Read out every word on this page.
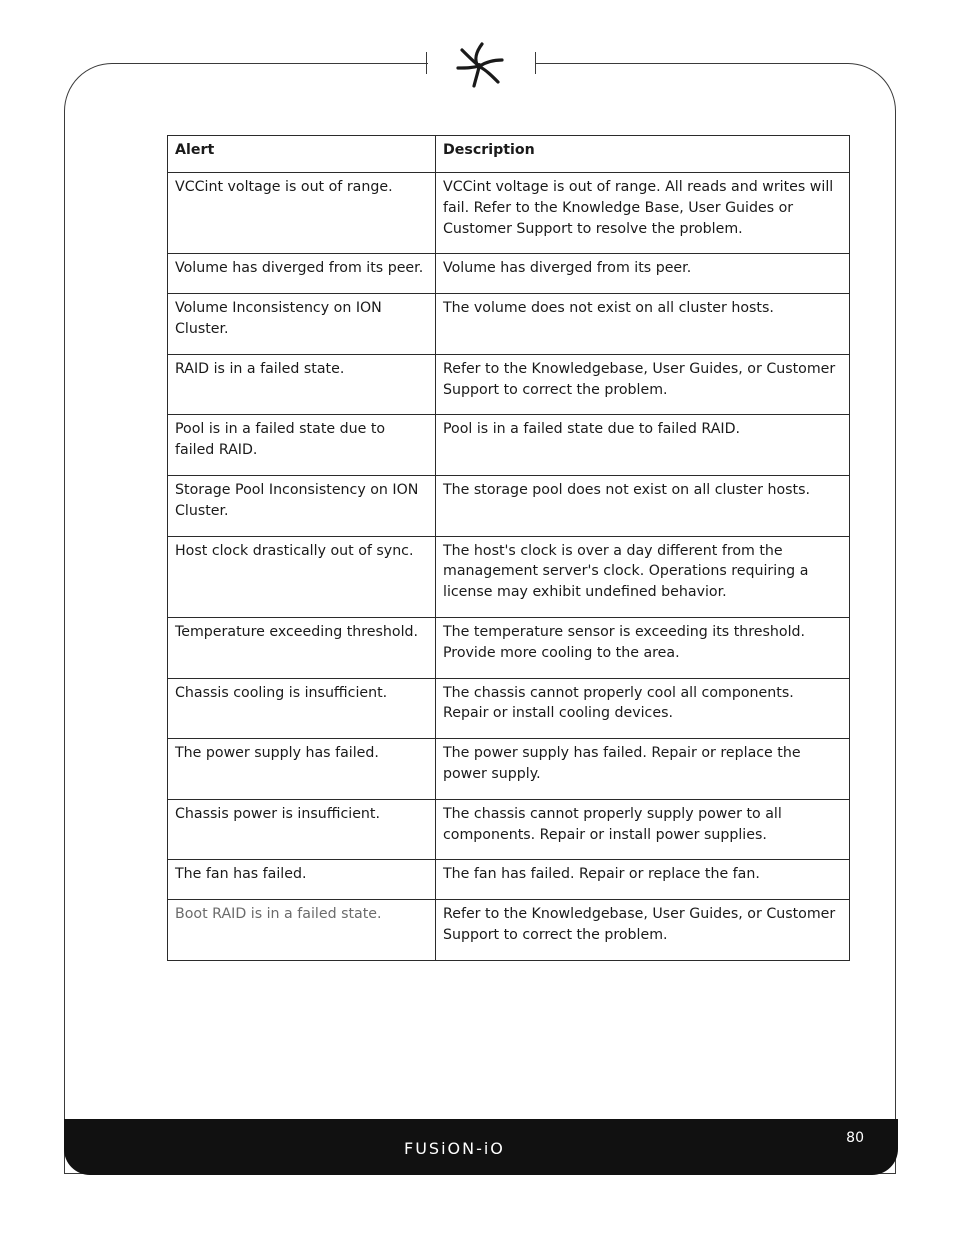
Alert	Description
VCCint voltage is out of range.	VCCint voltage is out of range. All reads and writes will fail. Refer to the Knowledge Base, User Guides or Customer Support to resolve the problem.
Volume has diverged from its peer.	Volume has diverged from its peer.
Volume Inconsistency on ION Cluster.	The volume does not exist on all cluster hosts.
RAID is in a failed state.	Refer to the Knowledgebase, User Guides, or Customer Support to correct the problem.
Pool is in a failed state due to failed RAID.	Pool is in a failed state due to failed RAID.
Storage Pool Inconsistency on ION Cluster.	The storage pool does not exist on all cluster hosts.
Host clock drastically out of sync.	The host's clock is over a day different from the management server's clock. Operations requiring a license may exhibit undefined behavior.
Temperature exceeding threshold.	The temperature sensor is exceeding its threshold. Provide more cooling to the area.
Chassis cooling is insufficient.	The chassis cannot properly cool all components. Repair or install cooling devices.
The power supply has failed.	The power supply has failed. Repair or replace the power supply.
Chassis power is insufficient.	The chassis cannot properly supply power to all components. Repair or install power supplies.
The fan has failed.	The fan has failed. Repair or replace the fan.
Boot RAID is in a failed state.	Refer to the Knowledgebase, User Guides, or Customer Support to correct the problem.
FUSiON-iO
80
